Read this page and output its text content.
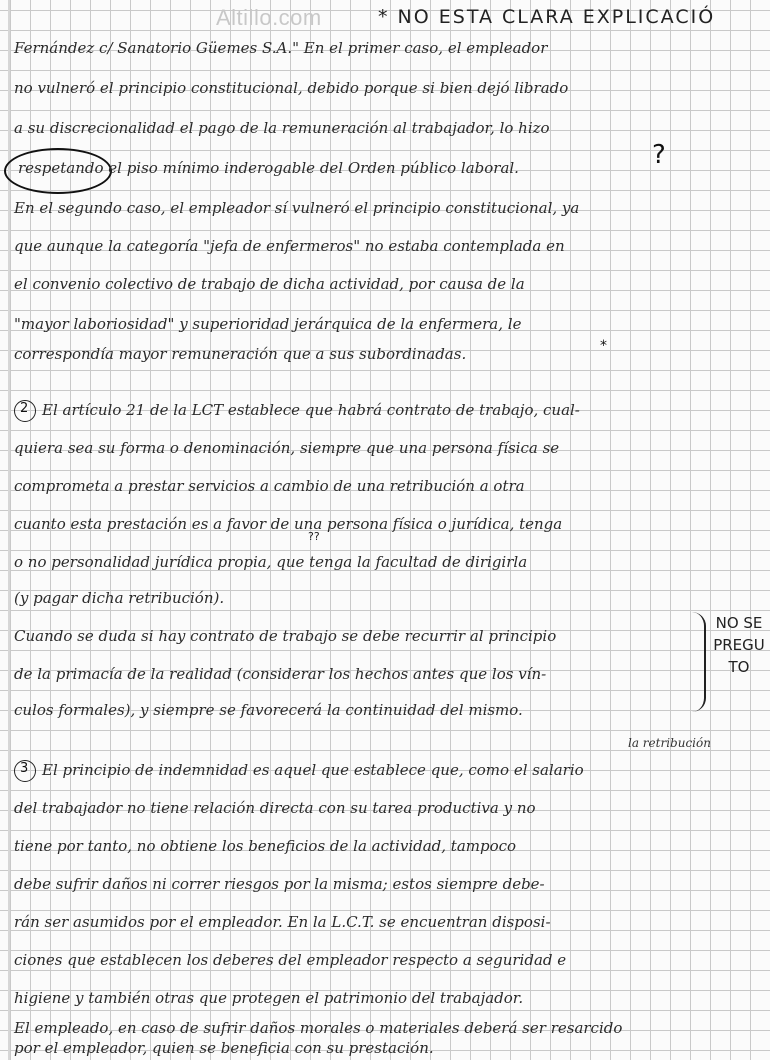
Altillo.com	* NO ESTA CLARA EXPLICACIÓ
Fernández c/ Sanatorio Güemes S.A." En el primer caso, el empleador
no vulneró el principio constitucional, debido porque si bien dejó librado
a su discrecionalidad el pago de la remuneración al trabajador, lo hizo
respetando el piso mínimo inderogable del Orden público laboral.	?
En el segundo caso, el empleador sí vulneró el principio constitucional, ya
que aunque la categoría "jefa de enfermeros" no estaba contemplada en
el convenio colectivo de trabajo de dicha actividad, por causa de la
"mayor laboriosidad" y superioridad jerárquica de la enfermera, le
correspondía mayor remuneración que a sus subordinadas.	*
2 El artículo 21 de la LCT establece que habrá contrato de trabajo, cual-
quiera sea su forma o denominación, siempre que una persona física se
comprometa a prestar servicios a cambio de una retribución a otra
cuanto esta prestación es a favor de una persona física o jurídica, tenga
??
o no personalidad jurídica propia, que tenga la facultad de dirigirla
(y pagar dicha retribución).
Cuando se duda si hay contrato de trabajo se debe recurrir al principio
de la primacía de la realidad (considerar los hechos antes que los vín-
culos formales), y siempre se favorecerá la continuidad del mismo.
NO SE
PREGU
TO
la retribución
3 El principio de indemnidad es aquel que establece que, como el salario
del trabajador no tiene relación directa con su tarea productiva y no
tiene por tanto, no obtiene los beneficios de la actividad, tampoco
debe sufrir daños ni correr riesgos por la misma; estos siempre debe-
rán ser asumidos por el empleador. En la L.C.T. se encuentran disposi-
ciones que establecen los deberes del empleador respecto a seguridad e
higiene y también otras que protegen el patrimonio del trabajador.
El empleado, en caso de sufrir daños morales o materiales deberá ser resarcido
por el empleador, quien se beneficia con su prestación.
